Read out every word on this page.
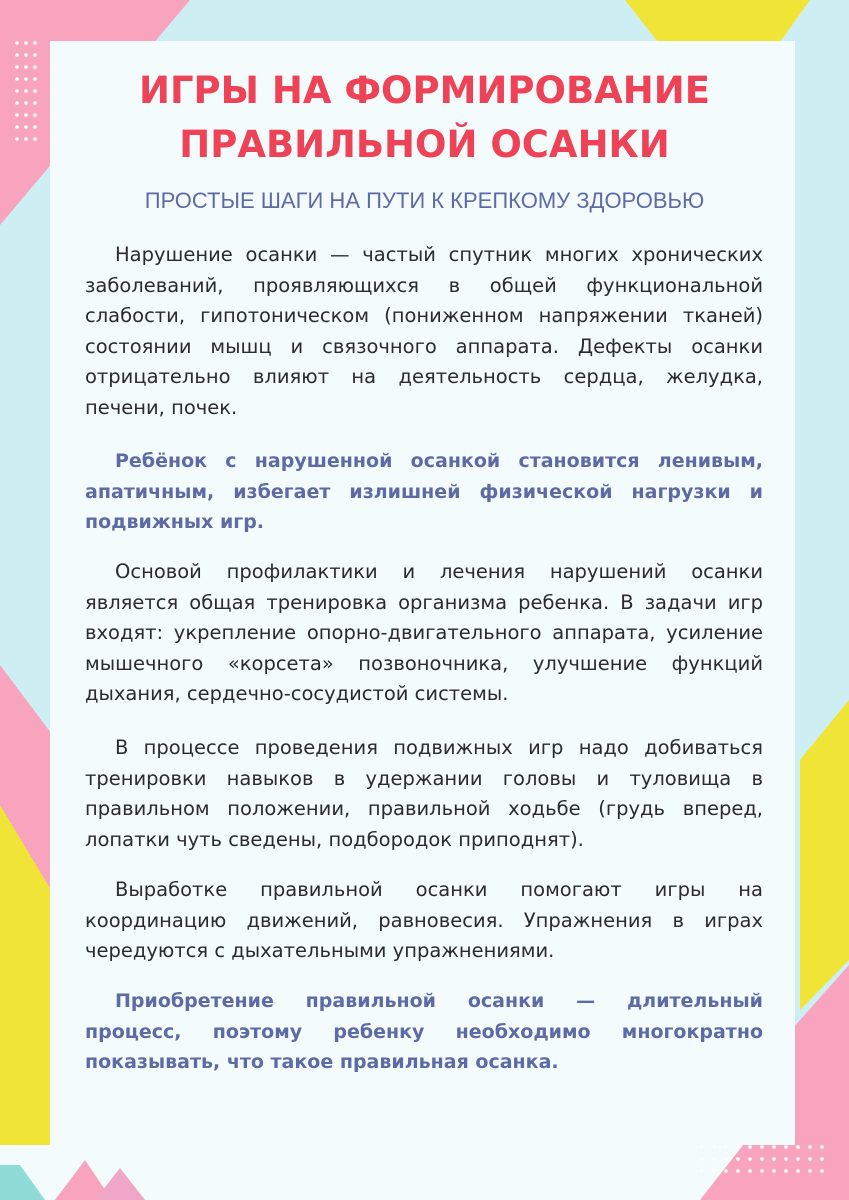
ИГРЫ НА ФОРМИРОВАНИЕ
ПРАВИЛЬНОЙ ОСАНКИ

ПРОСТЫЕ ШАГИ НА ПУТИ К КРЕПКОМУ ЗДОРОВЬЮ

Нарушение осанки — частый спутник многих хронических заболеваний, проявляющихся в общей функциональной слабости, гипотоническом (пониженном напряжении тканей) состоянии мышц и связочного аппарата. Дефекты осанки отрицательно влияют на деятельность сердца, желудка, печени, почек.

Ребёнок с нарушенной осанкой становится ленивым, апатичным, избегает излишней физической нагрузки и подвижных игр.

Основой профилактики и лечения нарушений осанки является общая тренировка организма ребенка. В задачи игр входят: укрепление опорно-двигательного аппарата, усиление мышечного «корсета» позвоночника, улучшение функций дыхания, сердечно-сосудистой системы.

В процессе проведения подвижных игр надо добиваться тренировки навыков в удержании головы и туловища в правильном положении, правильной ходьбе (грудь вперед, лопатки чуть сведены, подбородок приподнят).

Выработке правильной осанки помогают игры на координацию движений, равновесия. Упражнения в играх чередуются с дыхательными упражнениями.

Приобретение правильной осанки — длительный процесс, поэтому ребенку необходимо многократно показывать, что такое правильная осанка.
